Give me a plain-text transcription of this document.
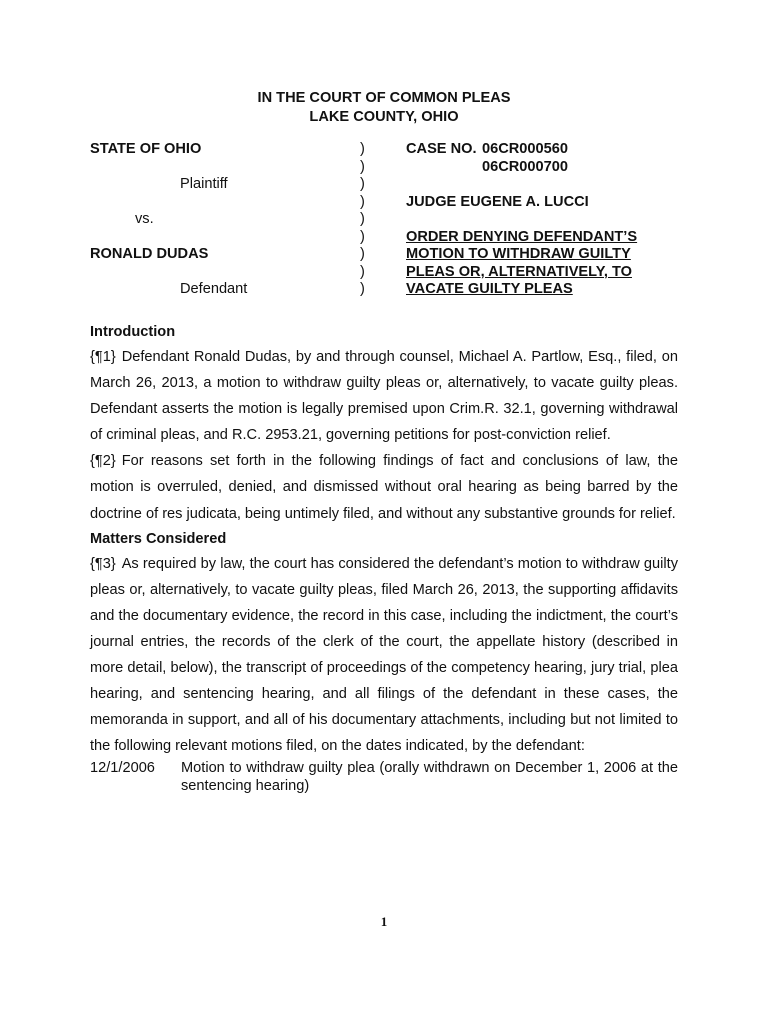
IN THE COURT OF COMMON PLEAS
LAKE COUNTY, OHIO
STATE OF OHIO
Plaintiff
vs.
RONALD DUDAS
Defendant
)
)
)
)
)
)
)
)
)
CASE NO. 06CR000560
06CR000700
JUDGE EUGENE A. LUCCI
ORDER DENYING DEFENDANT’S
MOTION TO WITHDRAW GUILTY
PLEAS OR, ALTERNATIVELY, TO
VACATE GUILTY PLEAS
Introduction

{¶1} Defendant Ronald Dudas, by and through counsel, Michael A. Partlow, Esq., filed, on March 26, 2013, a motion to withdraw guilty pleas or, alternatively, to vacate guilty pleas. Defendant asserts the motion is legally premised upon Crim.R. 32.1, governing withdrawal of criminal pleas, and R.C. 2953.21, governing petitions for post-conviction relief.

{¶2} For reasons set forth in the following findings of fact and conclusions of law, the motion is overruled, denied, and dismissed without oral hearing as being barred by the doctrine of res judicata, being untimely filed, and without any substantive grounds for relief.

Matters Considered

{¶3} As required by law, the court has considered the defendant’s motion to withdraw guilty pleas or, alternatively, to vacate guilty pleas, filed March 26, 2013, the supporting affidavits and the documentary evidence, the record in this case, including the indictment, the court’s journal entries, the records of the clerk of the court, the appellate history (described in more detail, below), the transcript of proceedings of the competency hearing, jury trial, plea hearing, and sentencing hearing, and all filings of the defendant in these cases, the memoranda in support, and all of his documentary attachments, including but not limited to the following relevant motions filed, on the dates indicated, by the defendant:

12/1/2006	Motion to withdraw guilty plea (orally withdrawn on December 1, 2006 at the sentencing hearing)
1
